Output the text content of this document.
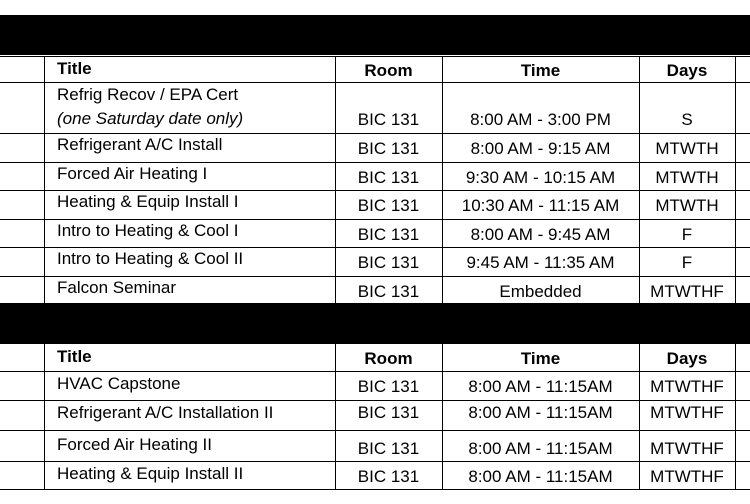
Title	Room	Time	Days
Refrig Recov / EPA Cert
(one Saturday date only)	BIC 131	8:00 AM - 3:00 PM	S
Refrigerant A/C Install	BIC 131	8:00 AM - 9:15 AM	MTWTH
Forced Air Heating I	BIC 131	9:30 AM - 10:15 AM	MTWTH
Heating & Equip Install I	BIC 131	10:30 AM - 11:15 AM	MTWTH
Intro to Heating & Cool I	BIC 131	8:00 AM - 9:45 AM	F
Intro to Heating & Cool II	BIC 131	9:45 AM - 11:35 AM	F
Falcon Seminar	BIC 131	Embedded	MTWTHF
Title	Room	Time	Days
HVAC Capstone	BIC 131	8:00 AM - 11:15AM	MTWTHF
Refrigerant A/C Installation II	BIC 131	8:00 AM - 11:15AM	MTWTHF
Forced Air Heating II	BIC 131	8:00 AM - 11:15AM	MTWTHF
Heating & Equip Install II	BIC 131	8:00 AM - 11:15AM	MTWTHF
